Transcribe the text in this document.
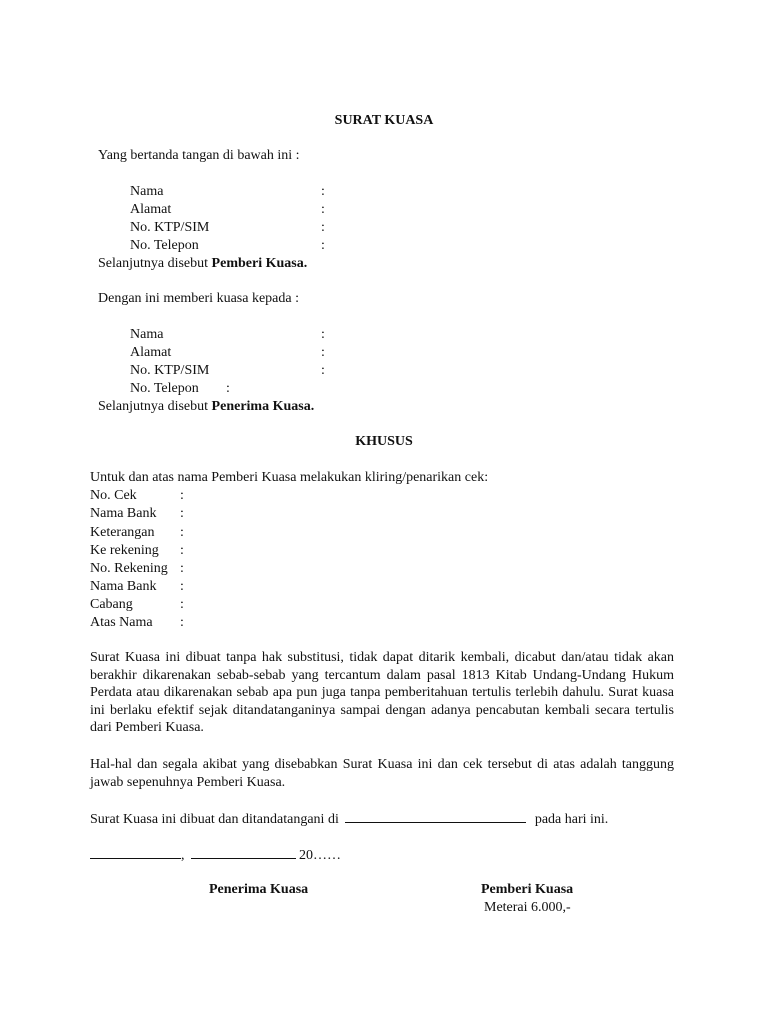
SURAT KUASA
Yang bertanda tangan di bawah ini :
Nama	:
Alamat	:
No. KTP/SIM	:
No. Telepon	:
Selanjutnya disebut Pemberi Kuasa.
Dengan ini memberi kuasa kepada :
Nama	:
Alamat	:
No. KTP/SIM	:
No. Telepon :
Selanjutnya disebut Penerima Kuasa.
KHUSUS
Untuk dan atas nama Pemberi Kuasa melakukan kliring/penarikan cek:
No. Cek	:
Nama Bank :
Keterangan :
Ke rekening :
No. Rekening :
Nama Bank :
Cabang	:
Atas Nama :
Surat Kuasa ini dibuat tanpa hak substitusi, tidak dapat ditarik kembali, dicabut dan/atau tidak akan berakhir dikarenakan sebab-sebab yang tercantum dalam pasal 1813 Kitab Undang-Undang Hukum Perdata atau dikarenakan sebab apa pun juga tanpa pemberitahuan tertulis terlebih dahulu. Surat kuasa ini berlaku efektif sejak ditandatanganinya sampai dengan adanya pencabutan kembali secara tertulis dari Pemberi Kuasa.
Hal-hal dan segala akibat yang disebabkan Surat Kuasa ini dan cek tersebut di atas adalah tanggung jawab sepenuhnya Pemberi Kuasa.
Surat Kuasa ini dibuat dan ditandatangani di	pada hari ini.
,	20……
Penerima Kuasa	Pemberi Kuasa
Meterai 6.000,-
